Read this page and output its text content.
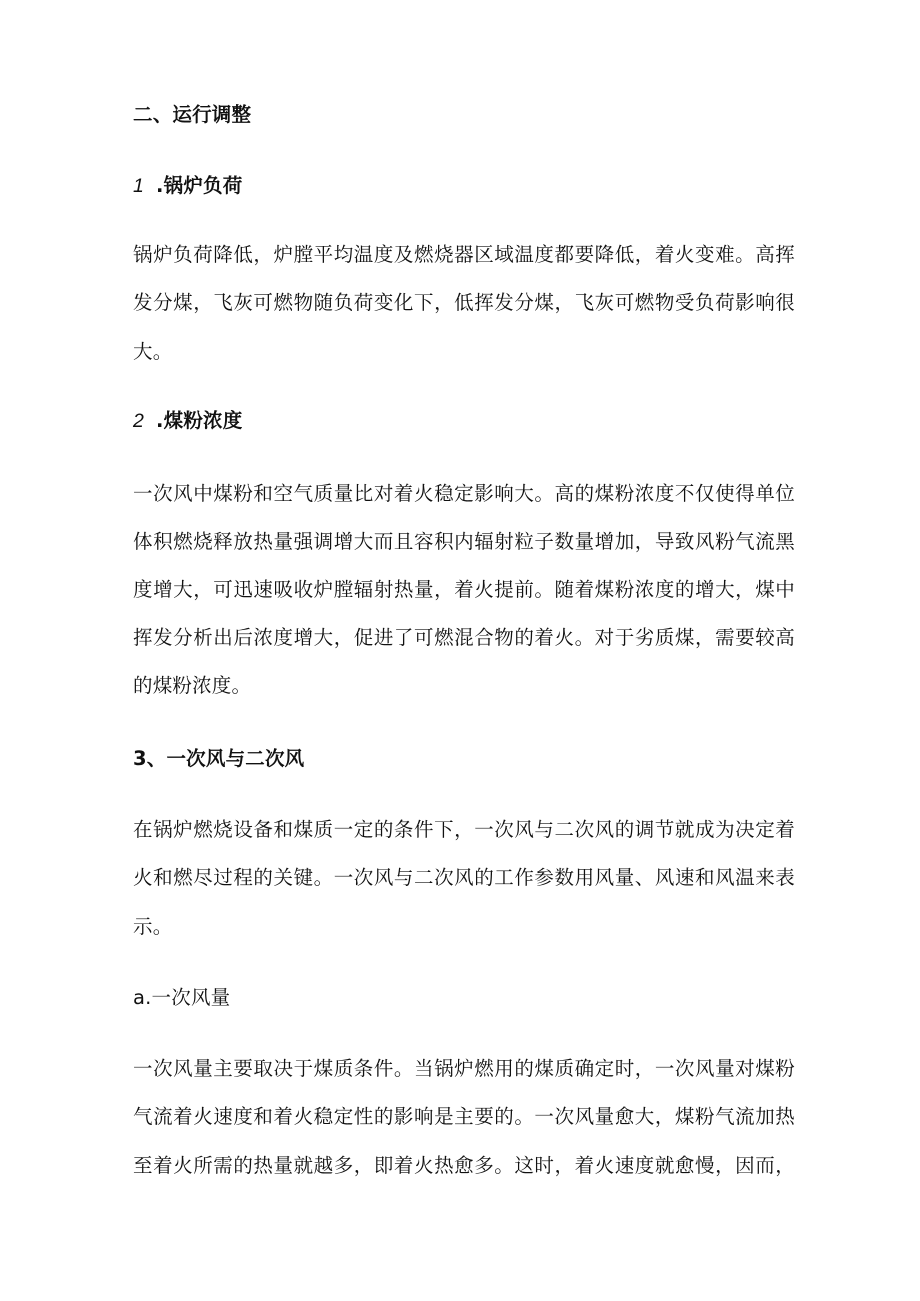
二、运行调整
1 .锅炉负荷
锅炉负荷降低，炉膛平均温度及燃烧器区域温度都要降低，着火变难。高挥
发分煤，飞灰可燃物随负荷变化下，低挥发分煤，飞灰可燃物受负荷影响很
大。
2 .煤粉浓度
一次风中煤粉和空气质量比对着火稳定影响大。高的煤粉浓度不仅使得单位
体积燃烧释放热量强调增大而且容积内辐射粒子数量增加，导致风粉气流黑
度增大，可迅速吸收炉膛辐射热量，着火提前。随着煤粉浓度的增大，煤中
挥发分析出后浓度增大，促进了可燃混合物的着火。对于劣质煤，需要较高
的煤粉浓度。
3、一次风与二次风
在锅炉燃烧设备和煤质一定的条件下，一次风与二次风的调节就成为决定着
火和燃尽过程的关键。一次风与二次风的工作参数用风量、风速和风温来表
示。
a.一次风量
一次风量主要取决于煤质条件。当锅炉燃用的煤质确定时，一次风量对煤粉
气流着火速度和着火稳定性的影响是主要的。一次风量愈大，煤粉气流加热
至着火所需的热量就越多，即着火热愈多。这时，着火速度就愈慢，因而，
